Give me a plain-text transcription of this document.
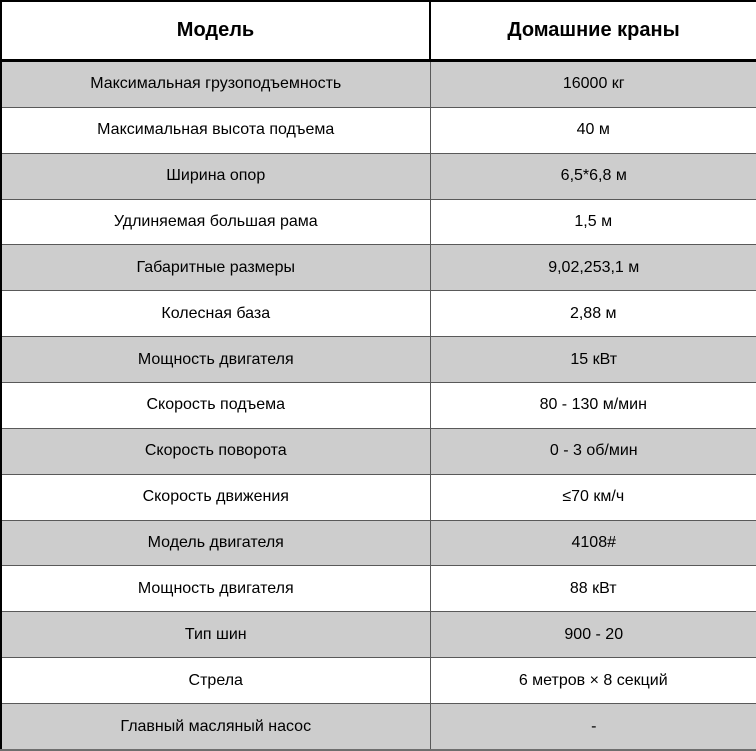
Модель	Домашние краны
Максимальная грузоподъемность	16000 кг
Максимальная высота подъема	40 м
Ширина опор	6,5*6,8 м
Удлиняемая большая рама	1,5 м
Габаритные размеры	9,02,253,1 м
Колесная база	2,88 м
Мощность двигателя	15 кВт
Скорость подъема	80 - 130 м/мин
Скорость поворота	0 - 3 об/мин
Скорость движения	≤70 км/ч
Модель двигателя	4108#
Мощность двигателя	88 кВт
Тип шин	900 - 20
Стрела	6 метров × 8 секций
Главный масляный насос	-
